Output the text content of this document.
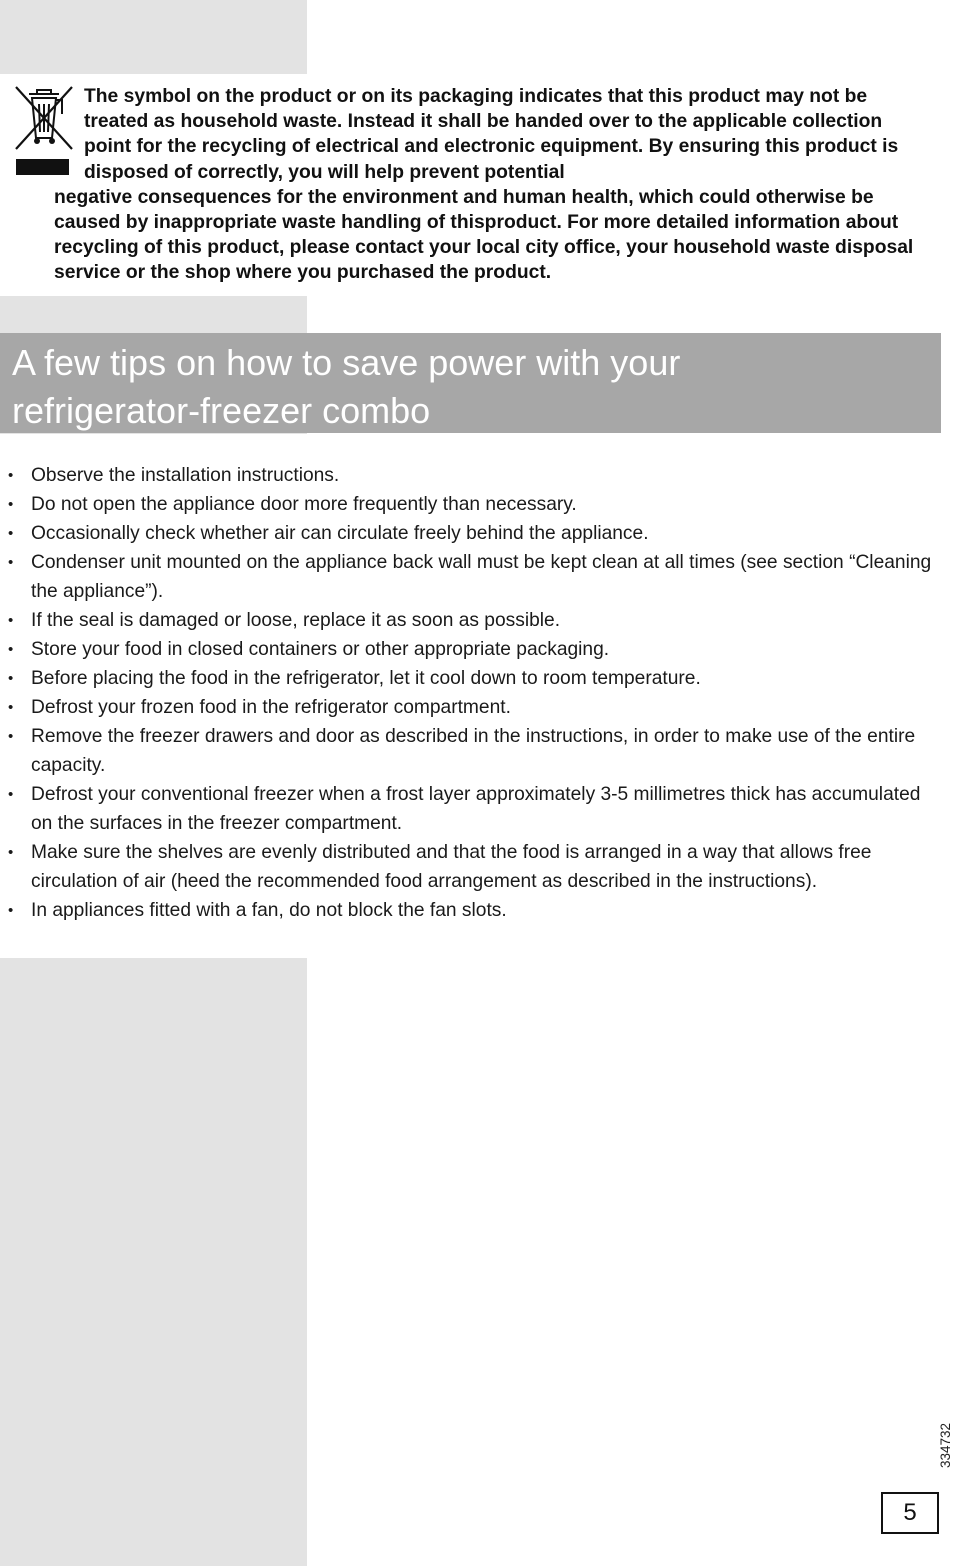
The symbol on the product or on its packaging indicates that this product may not be treated as household waste. Instead it shall be handed over to the applicable collection point for the recycling of electrical and electronic equipment. By ensuring this product is disposed of correctly, you will help prevent potential
negative consequences for the environment and human health, which could otherwise be caused by inappropriate waste handling of thisproduct. For more detailed information about recycling of this product, please contact your local city office, your household waste disposal service or the shop where you purchased the product.

A few tips on how to save power with your
refrigerator-freezer combo
• Observe the installation instructions.
• Do not open the appliance door more frequently than necessary.
• Occasionally check whether air can circulate freely behind the appliance.
• Condenser unit mounted on the appliance back wall must be kept clean at all times (see section “Cleaning the appliance”).
• If the seal is damaged or loose, replace it as soon as possible.
• Store your food in closed containers or other appropriate packaging.
• Before placing the food in the refrigerator, let it cool down to room temperature.
• Defrost your frozen food in the refrigerator compartment.
• Remove the freezer drawers and door as described in the instructions, in order to make use of the entire capacity.
• Defrost your conventional freezer when a frost layer approximately 3-5 millimetres thick has accumulated on the surfaces in the freezer compartment.
• Make sure the shelves are evenly distributed and that the food is arranged in a way that allows free circulation of air (heed the recommended food arrangement as described in the instructions).
• In appliances fitted with a fan, do not block the fan slots.
334732
5
